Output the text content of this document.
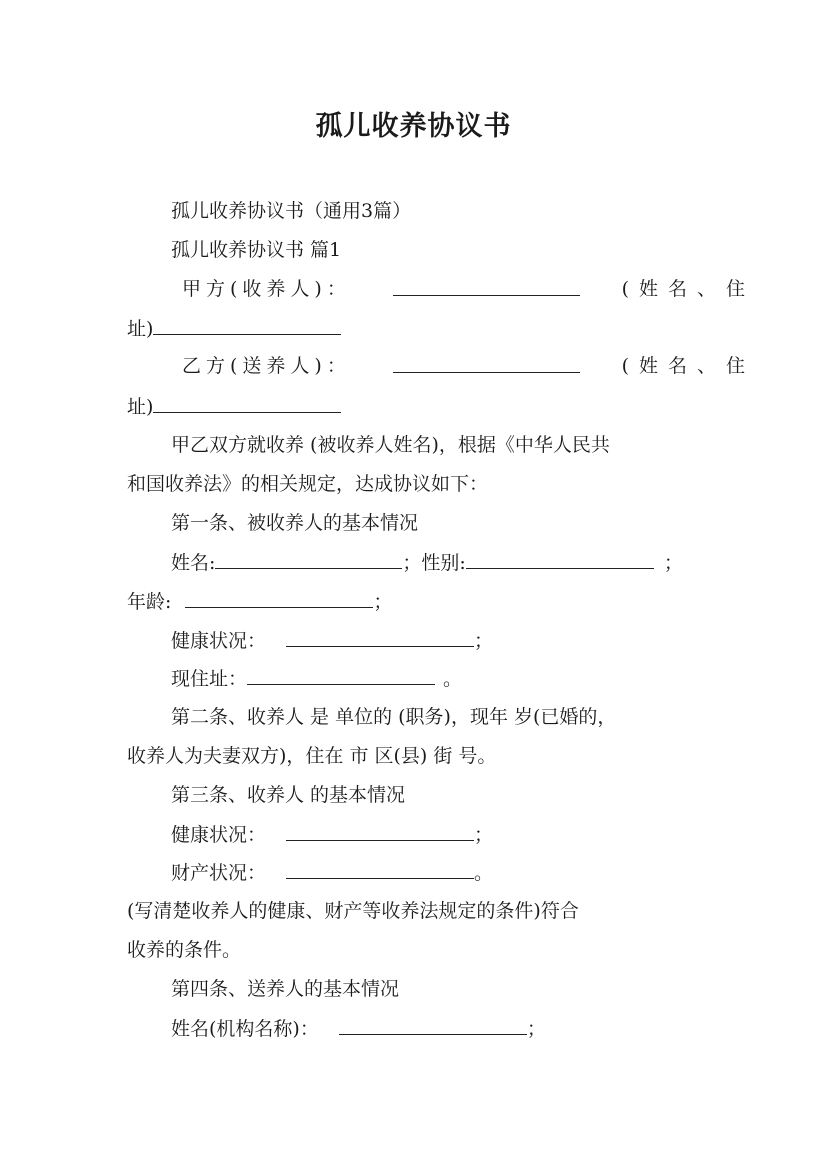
孤儿收养协议书
孤儿收养协议书（通用3篇）
孤儿收养协议书 篇1
甲方(收养人)：	(姓名、住
址)
乙方(送养人)：	(姓名、住
址)
甲乙双方就收养 (被收养人姓名)，根据《中华人民共
和国收养法》的相关规定，达成协议如下：
第一条、被收养人的基本情况
姓名:	；性别:	；
年龄:	；
健康状况：	；
现住址：	。
第二条、收养人 是 单位的 (职务)，现年 岁(已婚的，
收养人为夫妻双方)，住在 市 区(县) 街 号。
第三条、收养人 的基本情况
健康状况：	；
财产状况：	。
(写清楚收养人的健康、财产等收养法规定的条件)符合
收养的条件。
第四条、送养人的基本情况
姓名(机构名称)：	；
